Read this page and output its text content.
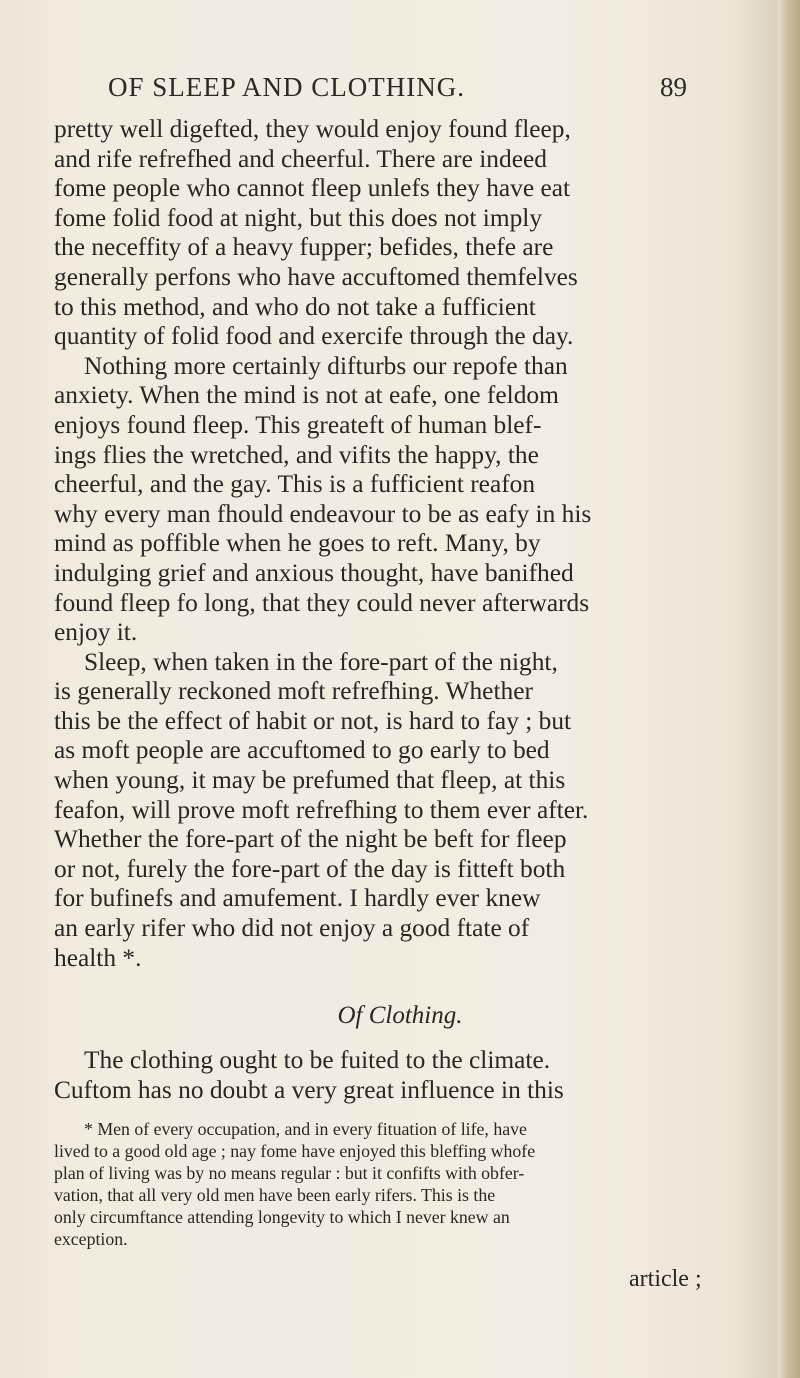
OF SLEEP AND CLOTHING.	89
pretty well digefted, they would enjoy found fleep,
and rife refrefhed and cheerful. There are indeed
fome people who cannot fleep unlefs they have eat
fome folid food at night, but this does not imply
the neceffity of a heavy fupper; befides, thefe are
generally perfons who have accuftomed themfelves
to this method, and who do not take a fufficient
quantity of folid food and exercife through the day.
Nothing more certainly difturbs our repofe than
anxiety. When the mind is not at eafe, one feldom
enjoys found fleep. This greateft of human blef-
ings flies the wretched, and vifits the happy, the
cheerful, and the gay. This is a fufficient reafon
why every man fhould endeavour to be as eafy in his
mind as poffible when he goes to reft. Many, by
indulging grief and anxious thought, have banifhed
found fleep fo long, that they could never afterwards
enjoy it.
Sleep, when taken in the fore-part of the night,
is generally reckoned moft refrefhing. Whether
this be the effect of habit or not, is hard to fay ; but
as moft people are accuftomed to go early to bed
when young, it may be prefumed that fleep, at this
feafon, will prove moft refrefhing to them ever after.
Whether the fore-part of the night be beft for fleep
or not, furely the fore-part of the day is fitteft both
for bufinefs and amufement. I hardly ever knew
an early rifer who did not enjoy a good ftate of
health *.
Of Clothing.
The clothing ought to be fuited to the climate.
Cuftom has no doubt a very great influence in this
* Men of every occupation, and in every fituation of life, have
lived to a good old age ; nay fome have enjoyed this bleffing whofe
plan of living was by no means regular : but it confifts with obfer-
vation, that all very old men have been early rifers. This is the
only circumftance attending longevity to which I never knew an
exception.
article ;
